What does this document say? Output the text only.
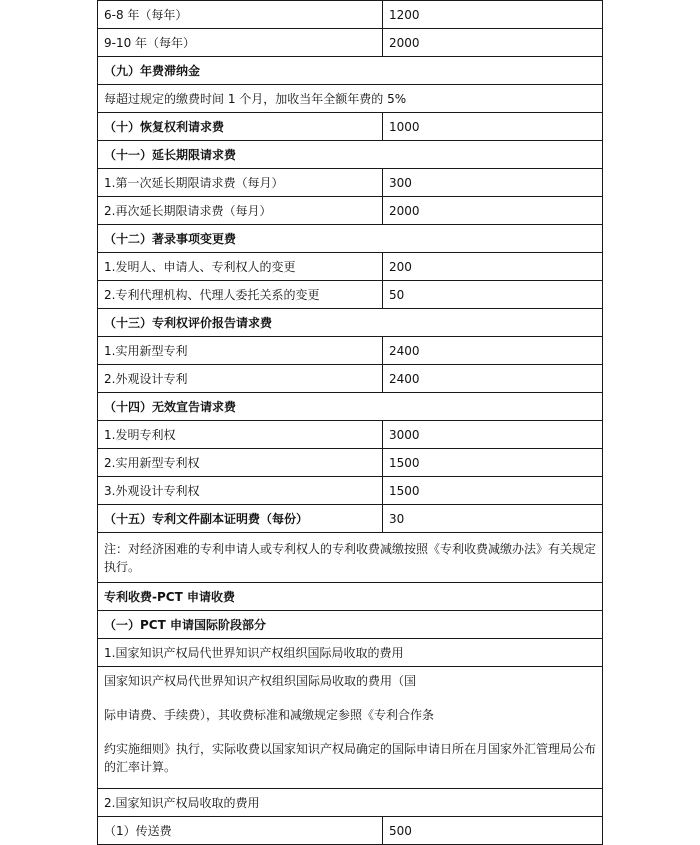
6-8 年（每年）	1200
9-10 年（每年）	2000
（九）年费滞纳金	
每超过规定的缴费时间 1 个月，加收当年全额年费的 5%	
（十）恢复权利请求费	1000
（十一）延长期限请求费	
1.第一次延长期限请求费（每月）	300
2.再次延长期限请求费（每月）	2000
（十二）著录事项变更费	
1.发明人、申请人、专利权人的变更	200
2.专利代理机构、代理人委托关系的变更	50
（十三）专利权评价报告请求费	
1.实用新型专利	2400
2.外观设计专利	2400
（十四）无效宣告请求费	
1.发明专利权	3000
2.实用新型专利权	1500
3.外观设计专利权	1500
（十五）专利文件副本证明费（每份）	30
注：对经济困难的专利申请人或专利权人的专利收费减缴按照《专利收费减缴办法》有关规定执行。	
专利收费-PCT 申请收费	
（一）PCT 申请国际阶段部分	
1.国家知识产权局代世界知识产权组织国际局收取的费用	

国家知识产权局代世界知识产权组织国际局收取的费用（国
际申请费、手续费），其收费标准和减缴规定参照《专利合作条
约实施细则》执行，实际收费以国家知识产权局确定的国际申请日所在月国家外汇管理局公布的汇率计算。	

2.国家知识产权局收取的费用	
（1）传送费	500
